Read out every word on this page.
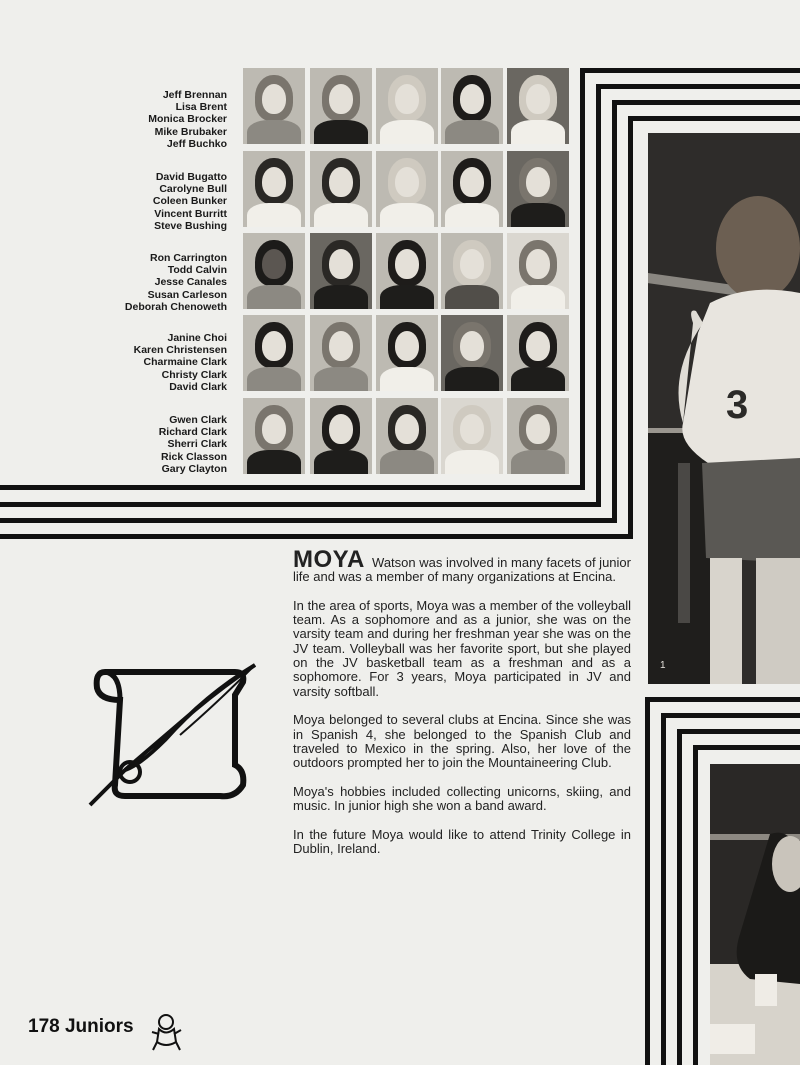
Jeff Brennan
Lisa Brent
Monica Brocker
Mike Brubaker
Jeff Buchko
David Bugatto
Carolyne Bull
Coleen Bunker
Vincent Burritt
Steve Bushing
Ron Carrington
Todd Calvin
Jesse Canales
Susan Carleson
Deborah Chenoweth
Janine Choi
Karen Christensen
Charmaine Clark
Christy Clark
David Clark
Gwen Clark
Richard Clark
Sherri Clark
Rick Classon
Gary Clayton
3
1

MOYA Watson was involved in many facets of junior life and was a member of many organizations at Encina.

In the area of sports, Moya was a member of the volleyball team. As a sophomore and as a junior, she was on the varsity team and during her freshman year she was on the JV team. Volleyball was her favorite sport, but she played on the JV basketball team as a freshman and as a sophomore. For 3 years, Moya participated in JV and varsity softball.

Moya belonged to several clubs at Encina. Since she was in Spanish 4, she belonged to the Spanish Club and traveled to Mexico in the spring. Also, her love of the outdoors prompted her to join the Mountaineering Club.

Moya's hobbies included collecting unicorns, skiing, and music. In junior high she won a band award.

In the future Moya would like to attend Trinity College in Dublin, Ireland.

178 Juniors
